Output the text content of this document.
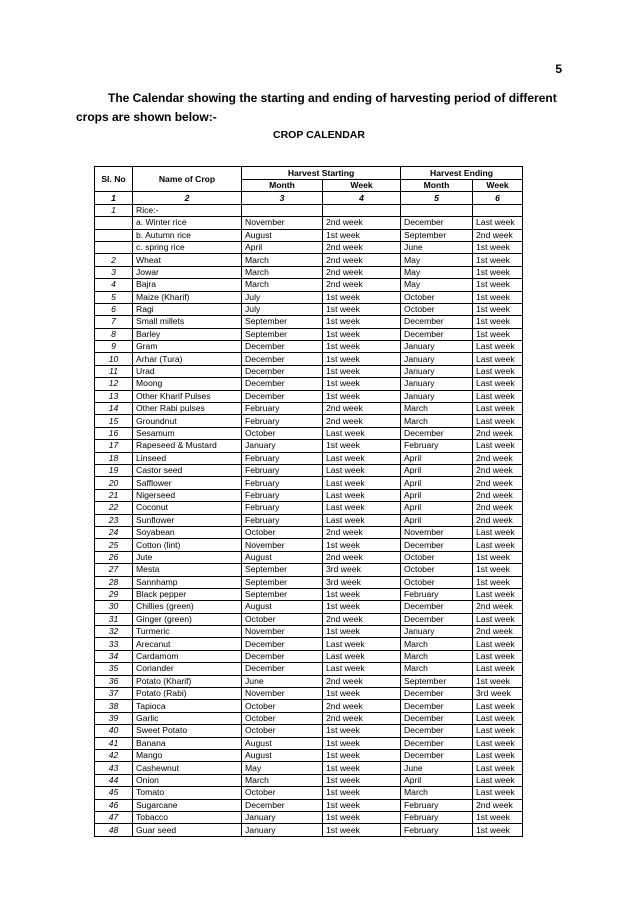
5
The Calendar showing the starting and ending of harvesting period of different crops are shown below:-
CROP CALENDAR
Sl. No	Name of Crop	Harvest Starting		Harvest Ending	
		Month	Week	Month	Week
1	2	3	4	5	6
1	Rice:-				
	a. Winter rice	November	2nd week	December	Last week
	b. Autumn rice	August	1st week	September	2nd week
	c. spring rice	April	2nd week	June	1st week
2	Wheat	March	2nd week	May	1st week
3	Jowar	March	2nd week	May	1st week
4	Bajra	March	2nd week	May	1st week
5	Maize (Kharif)	July	1st week	October	1st week
6	Ragi	July	1st week	October	1st week
7	Small millets	September	1st week	December	1st week
8	Barley	September	1st week	December	1st week
9	Gram	December	1st week	January	Last week
10	Arhar (Tura)	December	1st week	January	Last week
11	Urad	December	1st week	January	Last week
12	Moong	December	1st week	January	Last week
13	Other Kharif Pulses	December	1st week	January	Last week
14	Other Rabi pulses	February	2nd week	March	Last week
15	Groundnut	February	2nd week	March	Last week
16	Sesamum	October	Last week	December	2nd week
17	Rapeseed & Mustard	January	1st week	February	Last week
18	Linseed	February	Last week	April	2nd week
19	Castor seed	February	Last week	April	2nd week
20	Safflower	February	Last week	April	2nd week
21	Nigerseed	February	Last week	April	2nd week
22	Coconut	February	Last week	April	2nd week
23	Sunflower	February	Last week	April	2nd week
24	Soyabean	October	2nd week	November	Last week
25	Cotton (lint)	November	1st week	December	Last week
26	Jute	August	2nd week	October	1st week
27	Mesta	September	3rd week	October	1st week
28	Sannhamp	September	3rd week	October	1st week
29	Black pepper	September	1st week	February	Last week
30	Chillies (green)	August	1st week	December	2nd week
31	Ginger (green)	October	2nd week	December	Last week
32	Turmeric	November	1st week	January	2nd week
33	Arecanut	December	Last week	March	Last week
34	Cardamom	December	Last week	March	Last week
35	Coriander	December	Last week	March	Last week
36	Potato (Kharif)	June	2nd week	September	1st week
37	Potato (Rabi)	November	1st week	December	3rd week
38	Tapioca	October	2nd week	December	Last week
39	Garlic	October	2nd week	December	Last week
40	Sweet Potato	October	1st week	December	Last week
41	Banana	August	1st week	December	Last week
42	Mango	August	1st week	December	Last week
43	Cashewnut	May	1st week	June	Last week
44	Onion	March	1st week	April	Last week
45	Tomato	October	1st week	March	Last week
46	Sugarcane	December	1st week	February	2nd week
47	Tobacco	January	1st week	February	1st week
48	Guar seed	January	1st week	February	1st week
